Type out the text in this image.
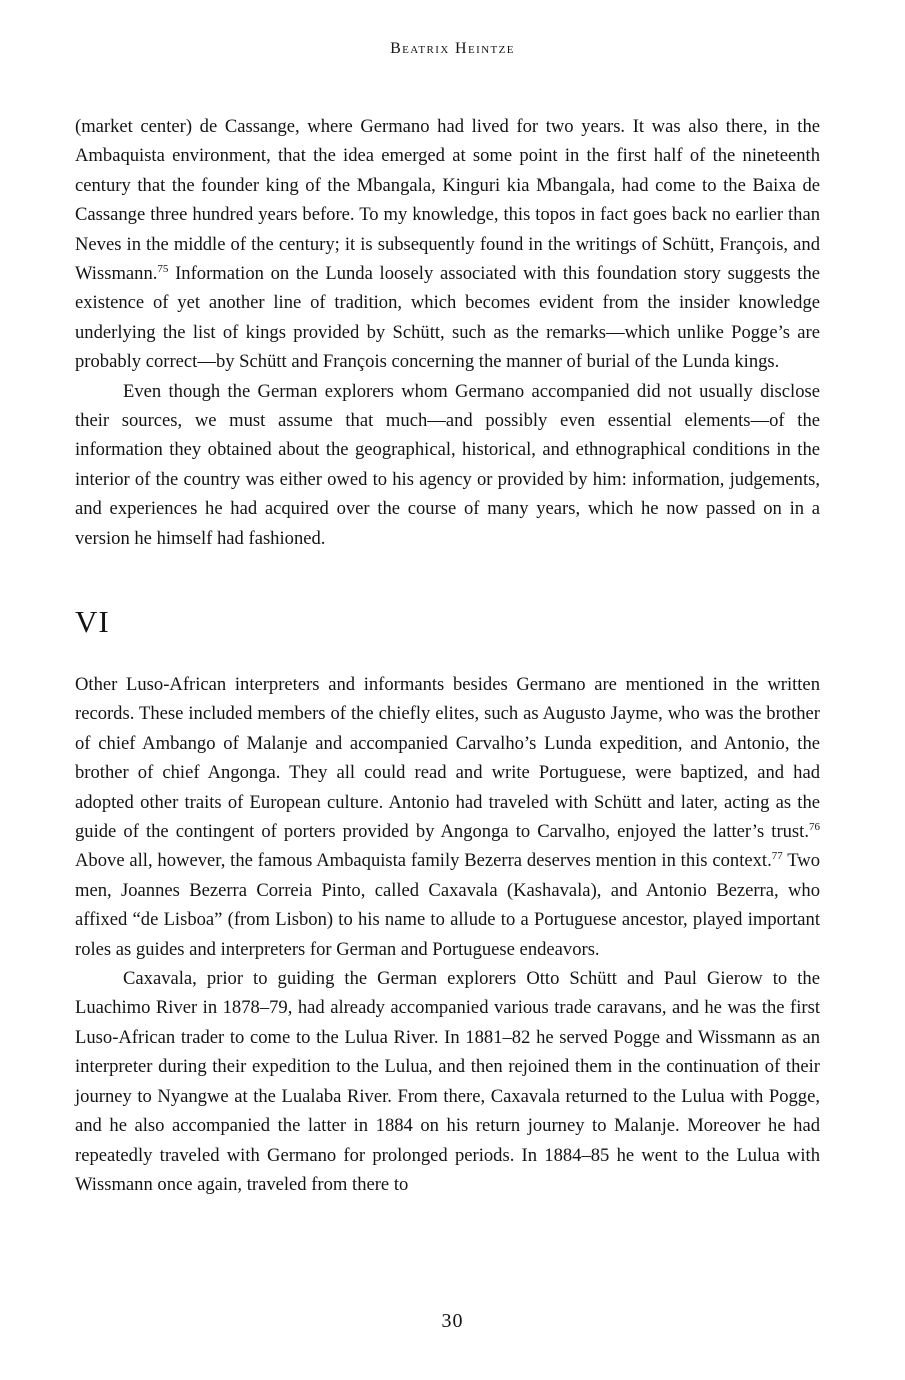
Beatrix Heintze

(market center) de Cassange, where Germano had lived for two years. It was also there, in the Ambaquista environment, that the idea emerged at some point in the first half of the nineteenth century that the founder king of the Mbangala, Kinguri kia Mbangala, had come to the Baixa de Cassange three hundred years before. To my knowledge, this topos in fact goes back no earlier than Neves in the middle of the century; it is subsequently found in the writings of Schütt, François, and Wissmann.$^{75}$ Information on the Lunda loosely associated with this foundation story suggests the existence of yet another line of tradition, which becomes evident from the insider knowledge underlying the list of kings provided by Schütt, such as the remarks—which unlike Pogge’s are probably correct—by Schütt and François concerning the manner of burial of the Lunda kings.

Even though the German explorers whom Germano accompanied did not usually disclose their sources, we must assume that much—and possibly even essential elements—of the information they obtained about the geographical, historical, and ethnographical conditions in the interior of the country was either owed to his agency or provided by him: information, judgements, and experiences he had acquired over the course of many years, which he now passed on in a version he himself had fashioned.

VI

Other Luso-African interpreters and informants besides Germano are mentioned in the written records. These included members of the chiefly elites, such as Augusto Jayme, who was the brother of chief Ambango of Malanje and accompanied Carvalho’s Lunda expedition, and Antonio, the brother of chief Angonga. They all could read and write Portuguese, were baptized, and had adopted other traits of European culture. Antonio had traveled with Schütt and later, acting as the guide of the contingent of porters provided by Angonga to Carvalho, enjoyed the latter’s trust.$^{76}$ Above all, however, the famous Ambaquista family Bezerra deserves mention in this context.$^{77}$ Two men, Joannes Bezerra Correia Pinto, called Caxavala (Kashavala), and Antonio Bezerra, who affixed “de Lisboa” (from Lisbon) to his name to allude to a Portuguese ancestor, played important roles as guides and interpreters for German and Portuguese endeavors.

Caxavala, prior to guiding the German explorers Otto Schütt and Paul Gierow to the Luachimo River in 1878–79, had already accompanied various trade caravans, and he was the first Luso-African trader to come to the Lulua River. In 1881–82 he served Pogge and Wissmann as an interpreter during their expedition to the Lulua, and then rejoined them in the continuation of their journey to Nyangwe at the Lualaba River. From there, Caxavala returned to the Lulua with Pogge, and he also accompanied the latter in 1884 on his return journey to Malanje. Moreover he had repeatedly traveled with Germano for prolonged periods. In 1884–85 he went to the Lulua with Wissmann once again, traveled from there to

30
